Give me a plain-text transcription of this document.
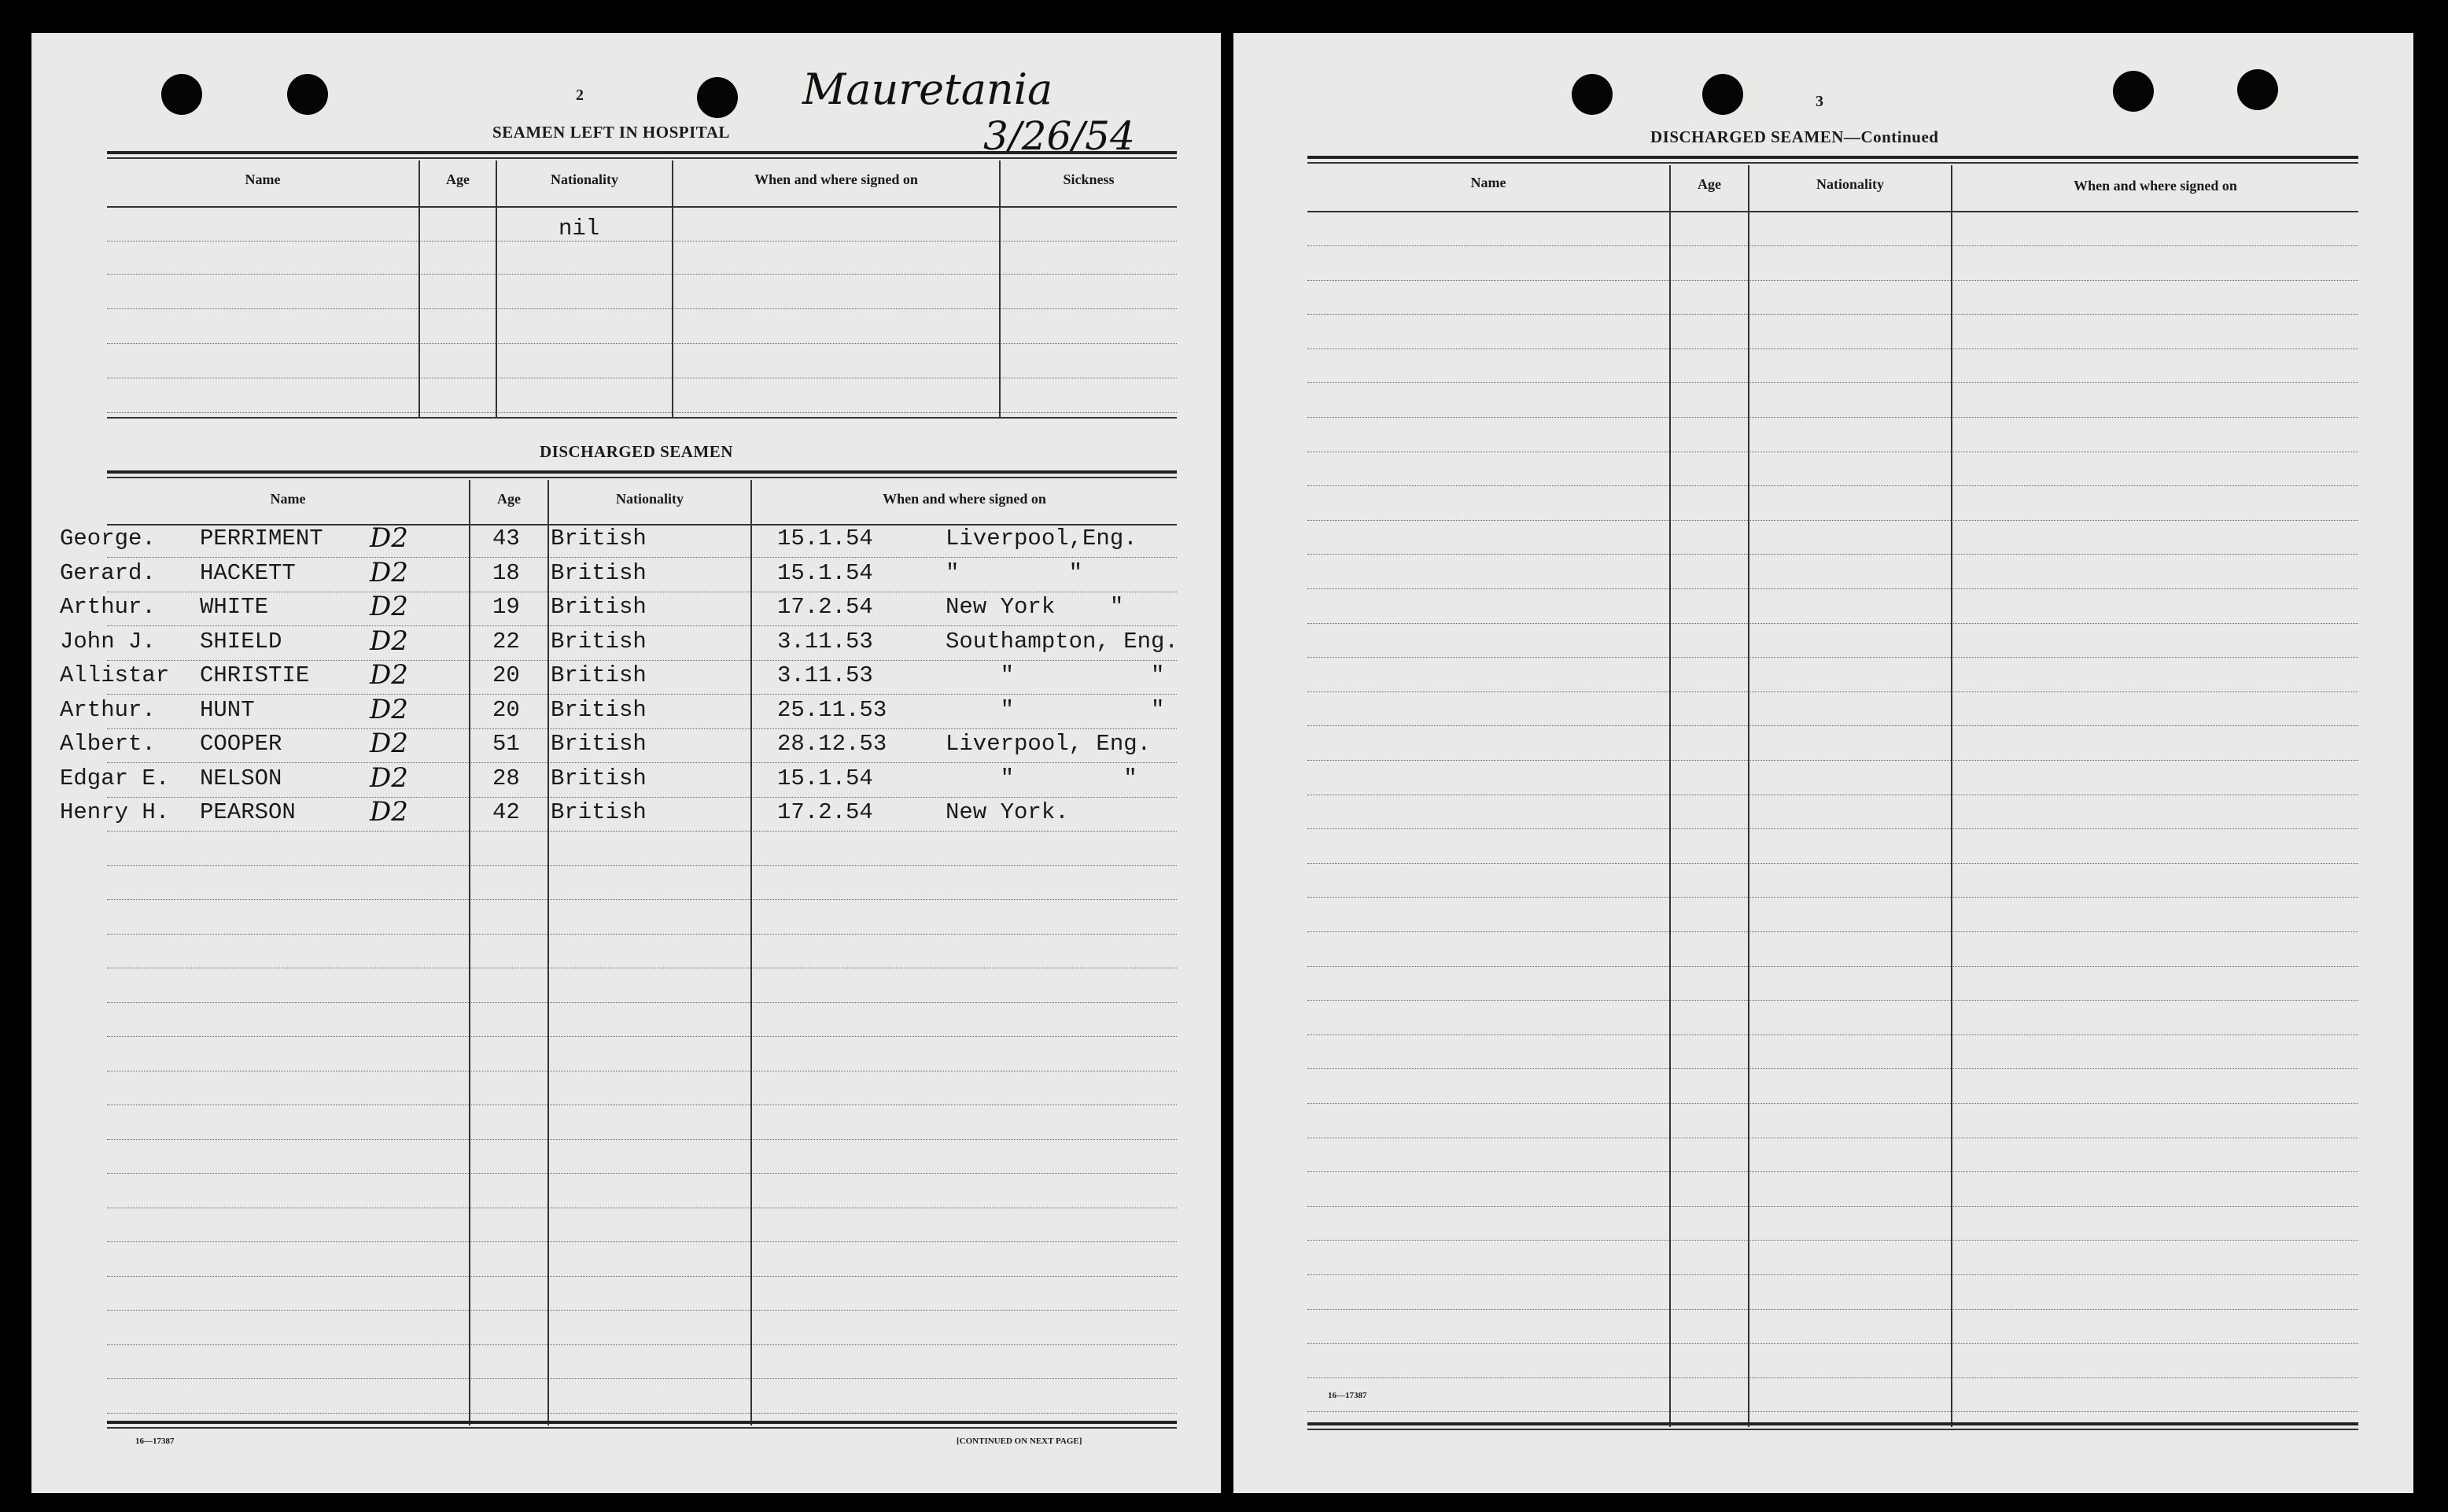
2	Mauretania
3/26/54
SEAMEN LEFT IN HOSPITAL
Name	Age	Nationality	When and where signed on	Sickness
nil
DISCHARGED SEAMEN
Name	Age	Nationality	When and where signed on
George. PERRIMENT D2	43 British	15.1.54	Liverpool,Eng.
Gerard. HACKETT	D2	18 British	15.1.54	"        "
Arthur. WHITE	D2	19 British	17.2.54	New York    "
John J. SHIELD	D2	22 British	3.11.53	Southampton, Eng.
Allistar CHRISTIE D2	20 British	3.11.53	"          "
Arthur. HUNT	D2	20 British	25.11.53	"          "
Albert. COOPER	D2	51 British	28.12.53	Liverpool, Eng.
Edgar E. NELSON	D2	28 British	15.1.54	"        "
Henry H. PEARSON	D2	42 British	17.2.54	New York.
16—17387	[CONTINUED ON NEXT PAGE]
3
DISCHARGED SEAMEN—Continued
Name	Age	Nationality	When and where signed on
16—17387
